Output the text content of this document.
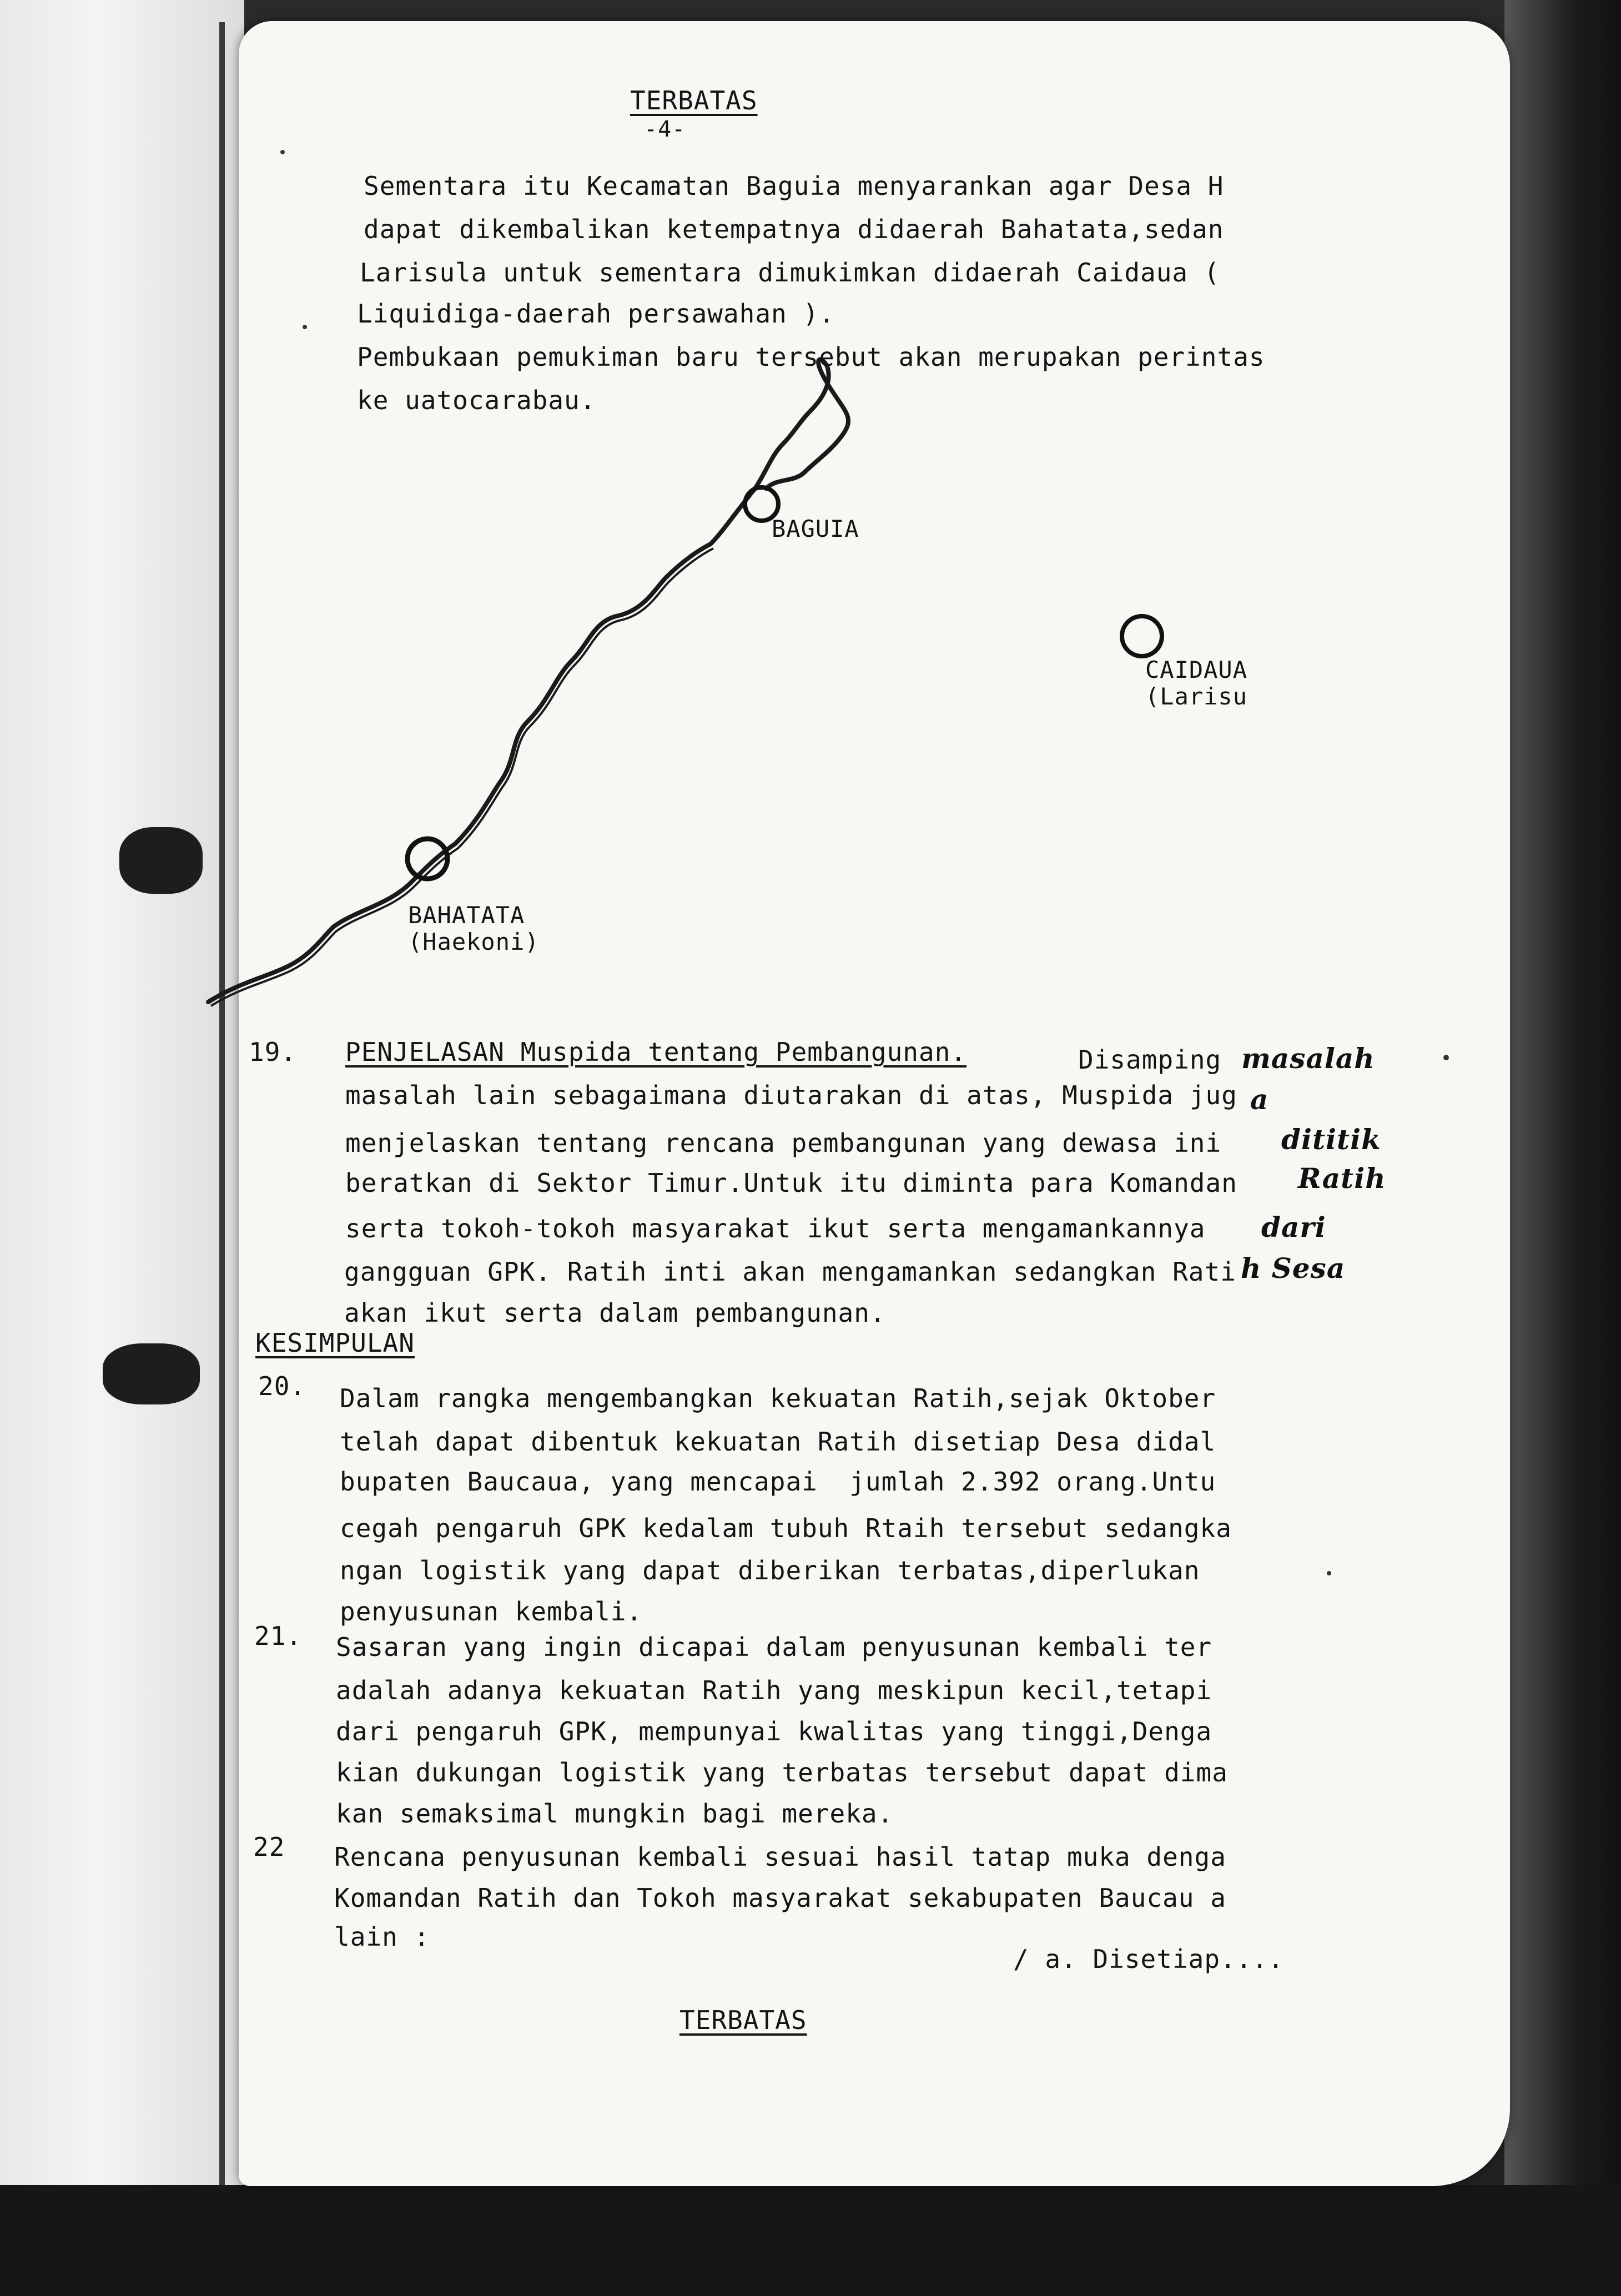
TERBATAS
-4-
Sementara itu Kecamatan Baguia menyarankan agar Desa H
dapat dikembalikan ketempatnya didaerah Bahatata,sedan
Larisula untuk sementara dimukimkan didaerah Caidaua (
Liquidiga-daerah persawahan ).
Pembukaan pemukiman baru tersebut akan merupakan perintas
ke uatocarabau.
BAGUIA
CAIDAUA
(Larisu
BAHATATA
(Haekoni)
19. PENJELASAN Muspida tentang Pembangunan.	Disamping masalah
masalah lain sebagaimana diutarakan di atas, Muspida jug a
menjelaskan tentang rencana pembangunan yang dewasa ini dititik
beratkan di Sektor Timur.Untuk itu diminta para Komandan Ratih
serta tokoh-tokoh masyarakat ikut serta mengamankannya dari
gangguan GPK. Ratih inti akan mengamankan sedangkan Rati h Sesa
akan ikut serta dalam pembangunan.
KESIMPULAN
20. Dalam rangka mengembangkan kekuatan Ratih,sejak Oktober
telah dapat dibentuk kekuatan Ratih disetiap Desa didal
bupaten Baucaua, yang mencapai  jumlah 2.392 orang.Untu
cegah pengaruh GPK kedalam tubuh Rtaih tersebut sedangka
ngan logistik yang dapat diberikan terbatas,diperlukan
penyusunan kembali.
21. Sasaran yang ingin dicapai dalam penyusunan kembali ter
adalah adanya kekuatan Ratih yang meskipun kecil,tetapi
dari pengaruh GPK, mempunyai kwalitas yang tinggi,Denga
kian dukungan logistik yang terbatas tersebut dapat dima
kan semaksimal mungkin bagi mereka.
22 Rencana penyusunan kembali sesuai hasil tatap muka denga
Komandan Ratih dan Tokoh masyarakat sekabupaten Baucau a
lain :
/ a. Disetiap....
TERBATAS
